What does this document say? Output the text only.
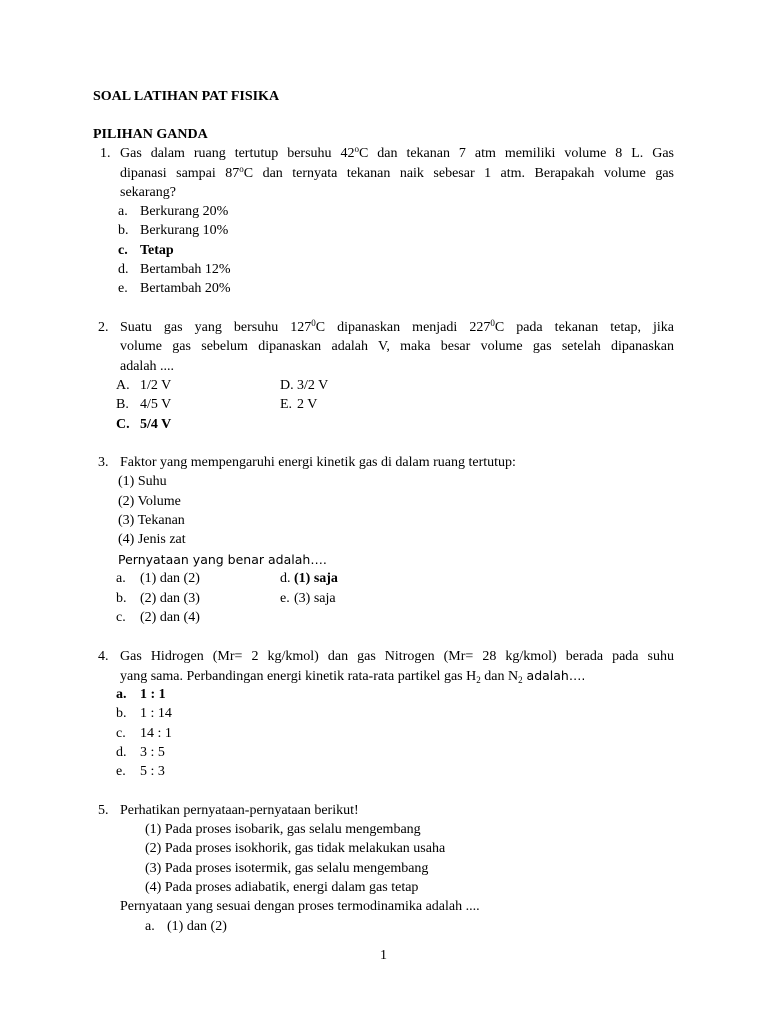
SOAL LATIHAN PAT FISIKA
PILIHAN GANDA
1. Gas dalam ruang tertutup bersuhu 42$^o$C dan tekanan 7 atm memiliki volume 8 L. Gas
dipanasi sampai 87$^o$C dan ternyata tekanan naik sebesar 1 atm. Berapakah volume gas
sekarang?
a. Berkurang 20%
b. Berkurang 10%
c. Tetap
d. Bertambah 12%
e. Bertambah 20%
2. Suatu gas yang bersuhu $127^0C$ dipanaskan menjadi $227^0C$ pada tekanan tetap, jika
volume gas sebelum dipanaskan adalah V, maka besar volume gas setelah dipanaskan
adalah ....
A. 1/2 V
B. 4/5 V
C. 5/4 V
D. 3/2 V
E. 2 V
3. Faktor yang mempengaruhi energi kinetik gas di dalam ruang tertutup:
(1) Suhu
(2) Volume
(3) Tekanan
(4) Jenis zat
Pernyataan yang benar adalah….
a. (1) dan (2)
b. (2) dan (3)
c. (2) dan (4)
d. (1) saja
e. (3) saja
4. Gas Hidrogen (Mr= 2 kg/kmol) dan gas Nitrogen (Mr= 28 kg/kmol) berada pada suhu
yang sama. Perbandingan energi kinetik rata-rata partikel gas $H_2$ dan $N_2$ adalah….
a. 1 : 1
b. 1 : 14
c. 14 : 1
d. 3 : 5
e. 5 : 3
5. Perhatikan pernyataan-pernyataan berikut!
(1) Pada proses isobarik, gas selalu mengembang
(2) Pada proses isokhorik, gas tidak melakukan usaha
(3) Pada proses isotermik, gas selalu mengembang
(4) Pada proses adiabatik, energi dalam gas tetap
Pernyataan yang sesuai dengan proses termodinamika adalah ....
a. (1) dan (2)
1
